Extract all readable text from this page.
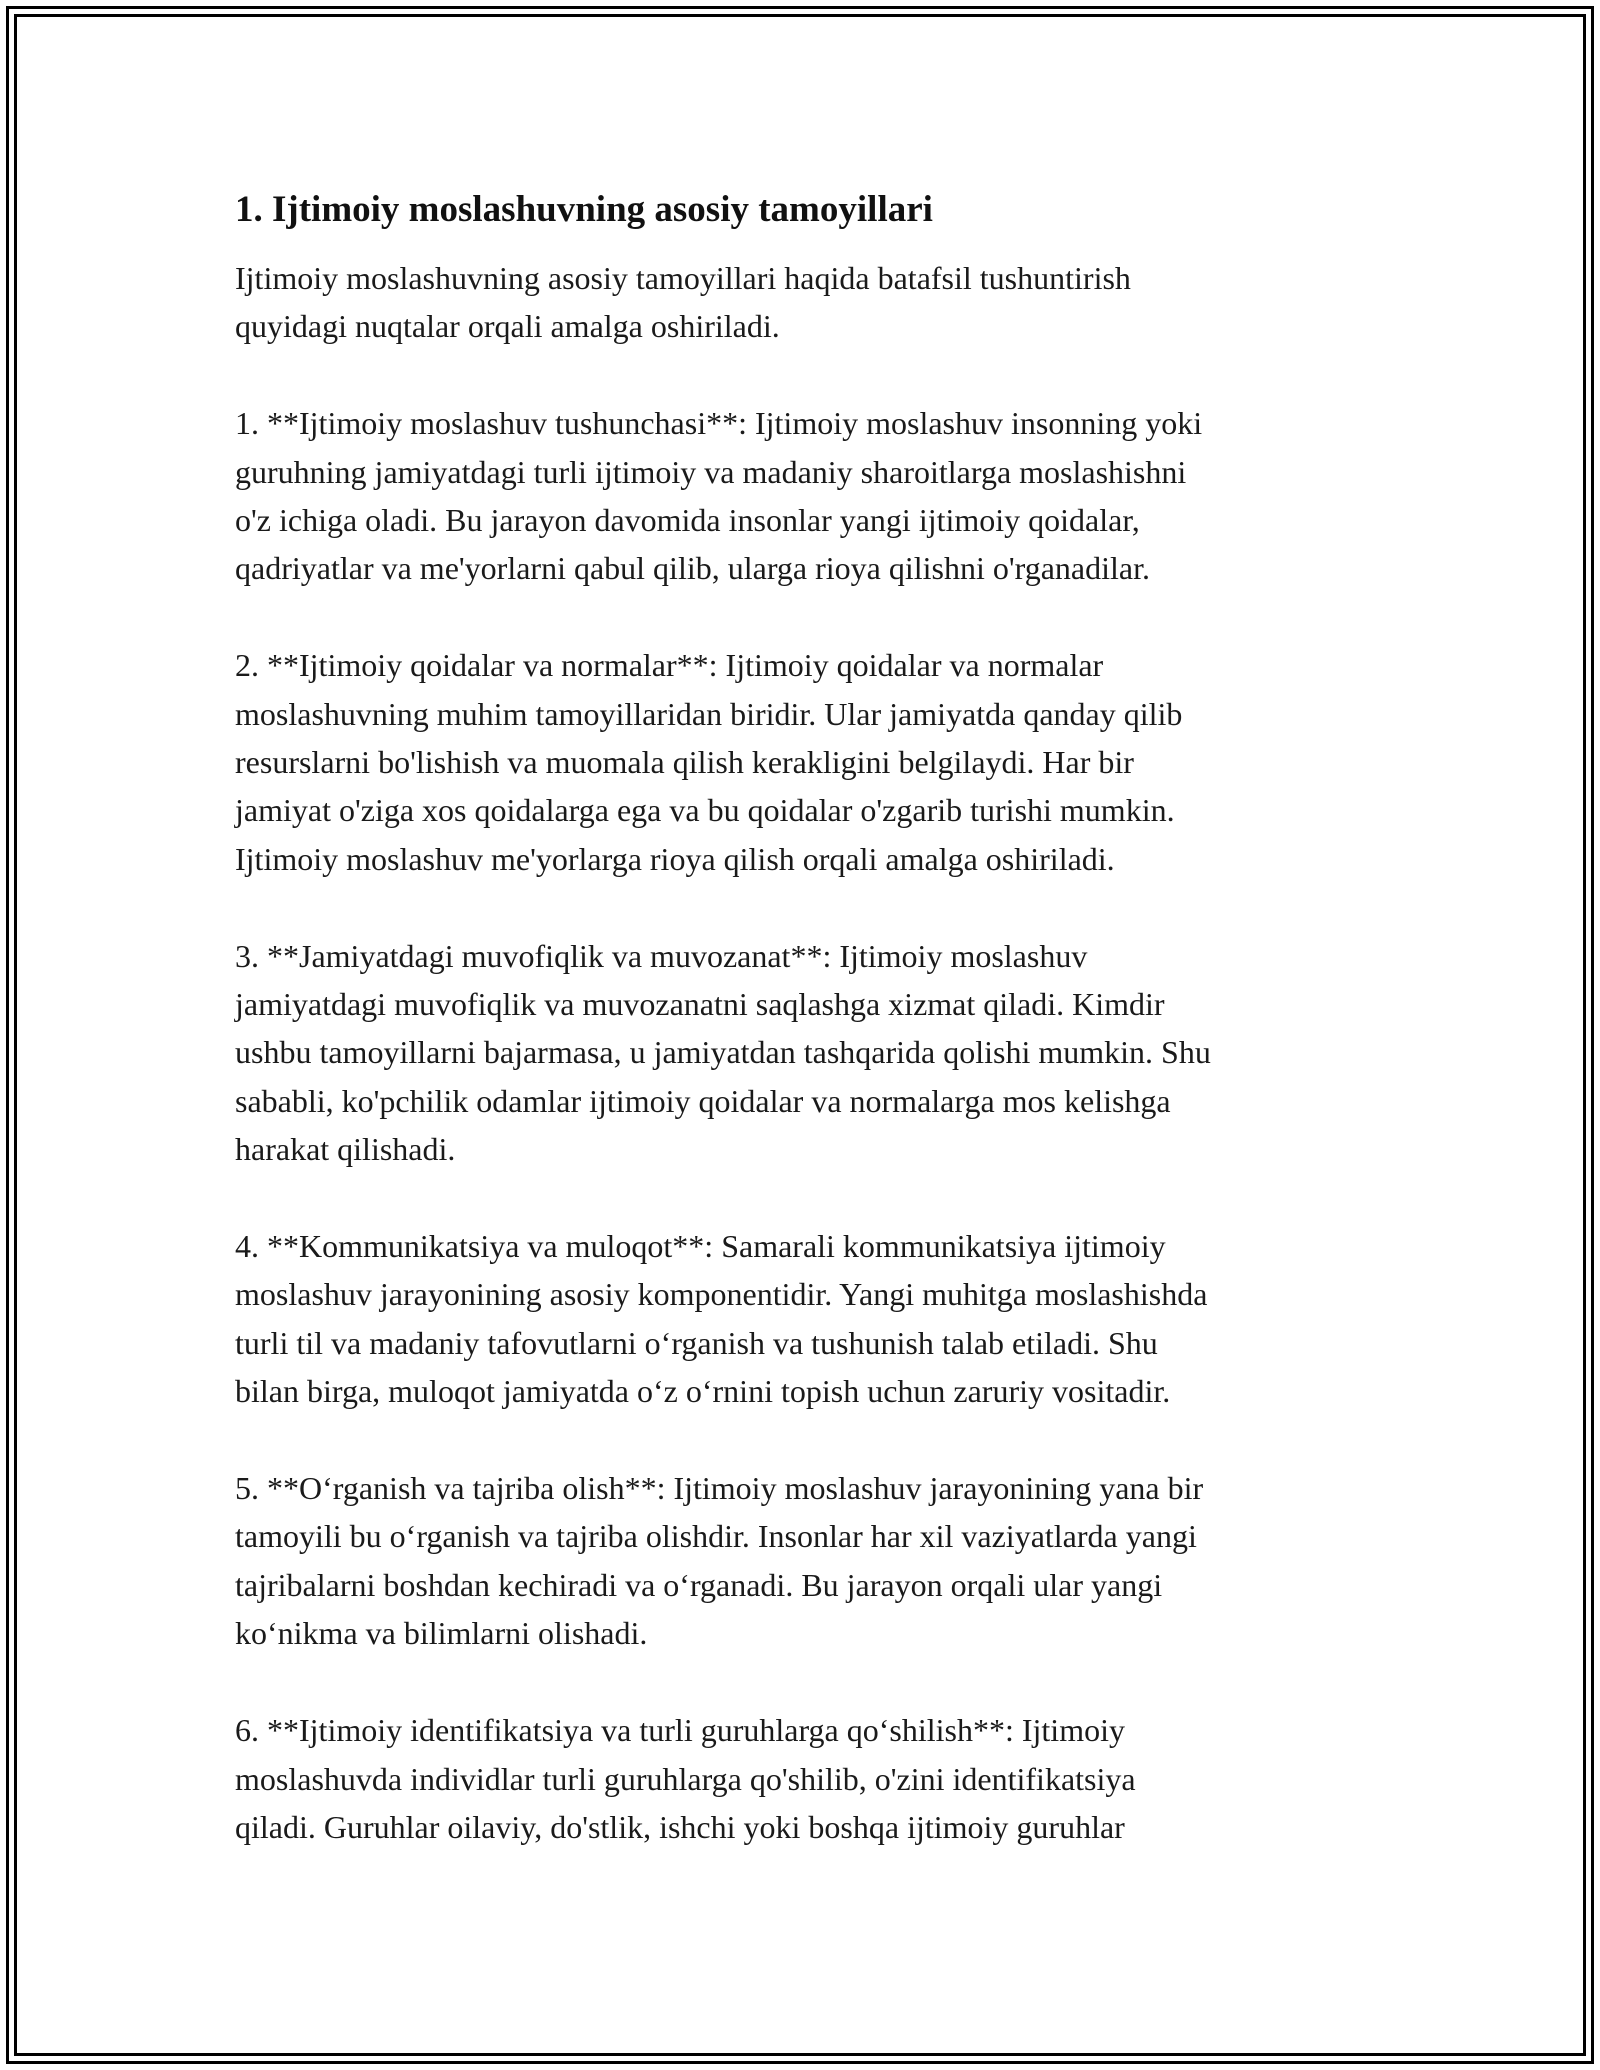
1. Ijtimoiy moslashuvning asosiy tamoyillari
Ijtimoiy moslashuvning asosiy tamoyillari haqida batafsil tushuntirish
quyidagi nuqtalar orqali amalga oshiriladi.
1. **Ijtimoiy moslashuv tushunchasi**: Ijtimoiy moslashuv insonning yoki
guruhning jamiyatdagi turli ijtimoiy va madaniy sharoitlarga moslashishni
o'z ichiga oladi. Bu jarayon davomida insonlar yangi ijtimoiy qoidalar,
qadriyatlar va me'yorlarni qabul qilib, ularga rioya qilishni o'rganadilar.
2. **Ijtimoiy qoidalar va normalar**: Ijtimoiy qoidalar va normalar
moslashuvning muhim tamoyillaridan biridir. Ular jamiyatda qanday qilib
resurslarni bo'lishish va muomala qilish kerakligini belgilaydi. Har bir
jamiyat o'ziga xos qoidalarga ega va bu qoidalar o'zgarib turishi mumkin.
Ijtimoiy moslashuv me'yorlarga rioya qilish orqali amalga oshiriladi.
3. **Jamiyatdagi muvofiqlik va muvozanat**: Ijtimoiy moslashuv
jamiyatdagi muvofiqlik va muvozanatni saqlashga xizmat qiladi. Kimdir
ushbu tamoyillarni bajarmasa, u jamiyatdan tashqarida qolishi mumkin. Shu
sababli, ko'pchilik odamlar ijtimoiy qoidalar va normalarga mos kelishga
harakat qilishadi.
4. **Kommunikatsiya va muloqot**: Samarali kommunikatsiya ijtimoiy
moslashuv jarayonining asosiy komponentidir. Yangi muhitga moslashishda
turli til va madaniy tafovutlarni o‘rganish va tushunish talab etiladi. Shu
bilan birga, muloqot jamiyatda o‘z o‘rnini topish uchun zaruriy vositadir.
5. **O‘rganish va tajriba olish**: Ijtimoiy moslashuv jarayonining yana bir
tamoyili bu o‘rganish va tajriba olishdir. Insonlar har xil vaziyatlarda yangi
tajribalarni boshdan kechiradi va o‘rganadi. Bu jarayon orqali ular yangi
ko‘nikma va bilimlarni olishadi.
6. **Ijtimoiy identifikatsiya va turli guruhlarga qo‘shilish**: Ijtimoiy
moslashuvda individlar turli guruhlarga qo'shilib, o'zini identifikatsiya
qiladi. Guruhlar oilaviy, do'stlik, ishchi yoki boshqa ijtimoiy guruhlar
